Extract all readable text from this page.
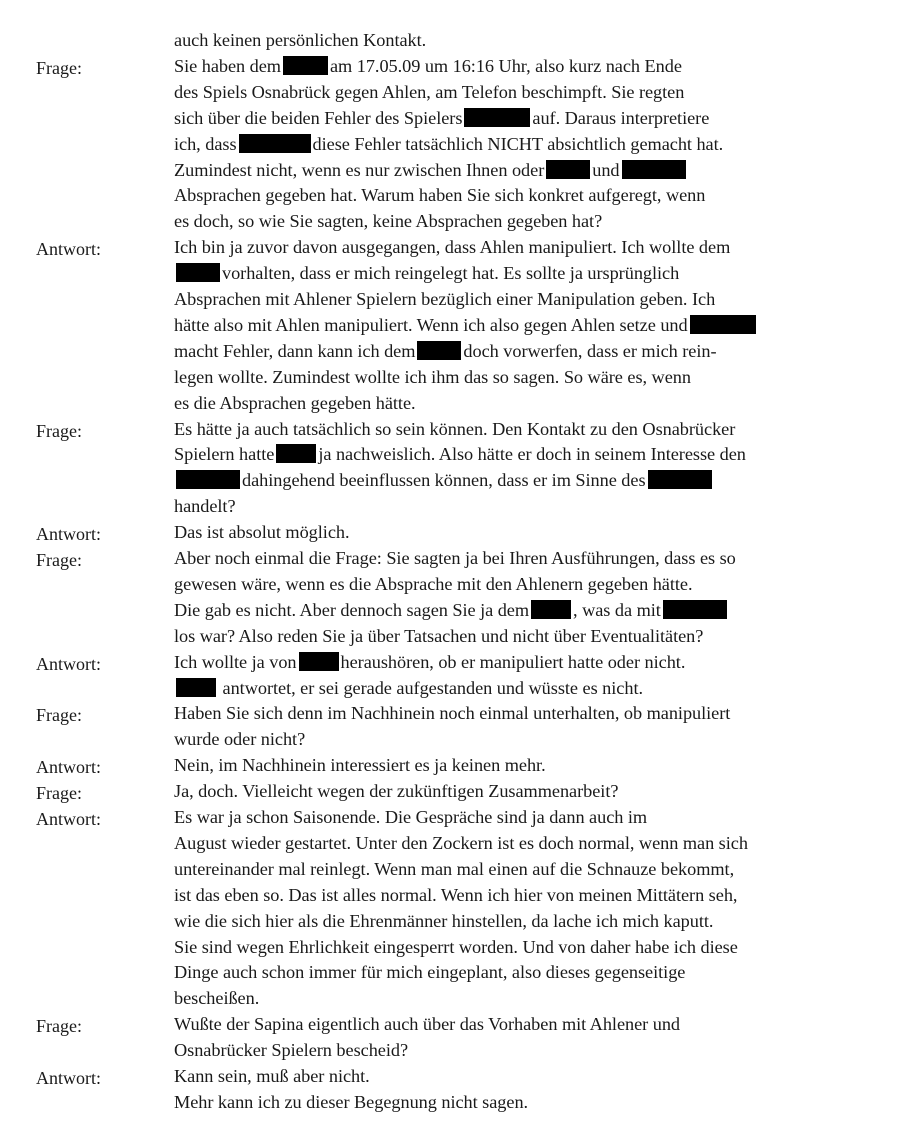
auch keinen persönlichen Kontakt.
Frage:	Sie haben dem	am 17.05.09 um 16:16 Uhr, also kurz nach Ende
des Spiels Osnabrück gegen Ahlen, am Telefon beschimpft. Sie regten
sich über die beiden Fehler des Spielers	auf. Daraus interpretiere
ich, dass	diese Fehler tatsächlich NICHT absichtlich gemacht hat.
Zumindest nicht, wenn es nur zwischen Ihnen oder	und
Absprachen gegeben hat. Warum haben Sie sich konkret aufgeregt, wenn
es doch, so wie Sie sagten, keine Absprachen gegeben hat?
Antwort:	Ich bin ja zuvor davon ausgegangen, dass Ahlen manipuliert. Ich wollte dem
vorhalten, dass er mich reingelegt hat. Es sollte ja ursprünglich
Absprachen mit Ahlener Spielern bezüglich einer Manipulation geben. Ich
hätte also mit Ahlen manipuliert. Wenn ich also gegen Ahlen setze und
macht Fehler, dann kann ich dem	doch vorwerfen, dass er mich rein-
legen wollte. Zumindest wollte ich ihm das so sagen. So wäre es, wenn
es die Absprachen gegeben hätte.
Frage:	Es hätte ja auch tatsächlich so sein können. Den Kontakt zu den Osnabrücker
Spielern hatte ja nachweislich. Also hätte er doch in seinem Interesse den
dahingehend beeinflussen können, dass er im Sinne des
handelt?
Antwort:	Das ist absolut möglich.
Frage:	Aber noch einmal die Frage: Sie sagten ja bei Ihren Ausführungen, dass es so
gewesen wäre, wenn es die Absprache mit den Ahlenern gegeben hätte.
Die gab es nicht. Aber dennoch sagen Sie ja dem , was da mit
los war? Also reden Sie ja über Tatsachen und nicht über Eventualitäten?
Antwort:	Ich wollte ja von heraushören, ob er manipuliert hatte oder nicht.
antwortet, er sei gerade aufgestanden und wüsste es nicht.
Frage:	Haben Sie sich denn im Nachhinein noch einmal unterhalten, ob manipuliert
wurde oder nicht?
Antwort:	Nein, im Nachhinein interessiert es ja keinen mehr.
Frage:	Ja, doch. Vielleicht wegen der zukünftigen Zusammenarbeit?
Antwort:	Es war ja schon Saisonende. Die Gespräche sind ja dann auch im
August wieder gestartet. Unter den Zockern ist es doch normal, wenn man sich
untereinander mal reinlegt. Wenn man mal einen auf die Schnauze bekommt,
ist das eben so. Das ist alles normal. Wenn ich hier von meinen Mittätern seh,
wie die sich hier als die Ehrenmänner hinstellen, da lache ich mich kaputt.
Sie sind wegen Ehrlichkeit eingesperrt worden. Und von daher habe ich diese
Dinge auch schon immer für mich eingeplant, also dieses gegenseitige
bescheißen.
Frage:	Wußte der Sapina eigentlich auch über das Vorhaben mit Ahlener und
Osnabrücker Spielern bescheid?
Antwort:	Kann sein, muß aber nicht.
Mehr kann ich zu dieser Begegnung nicht sagen.
